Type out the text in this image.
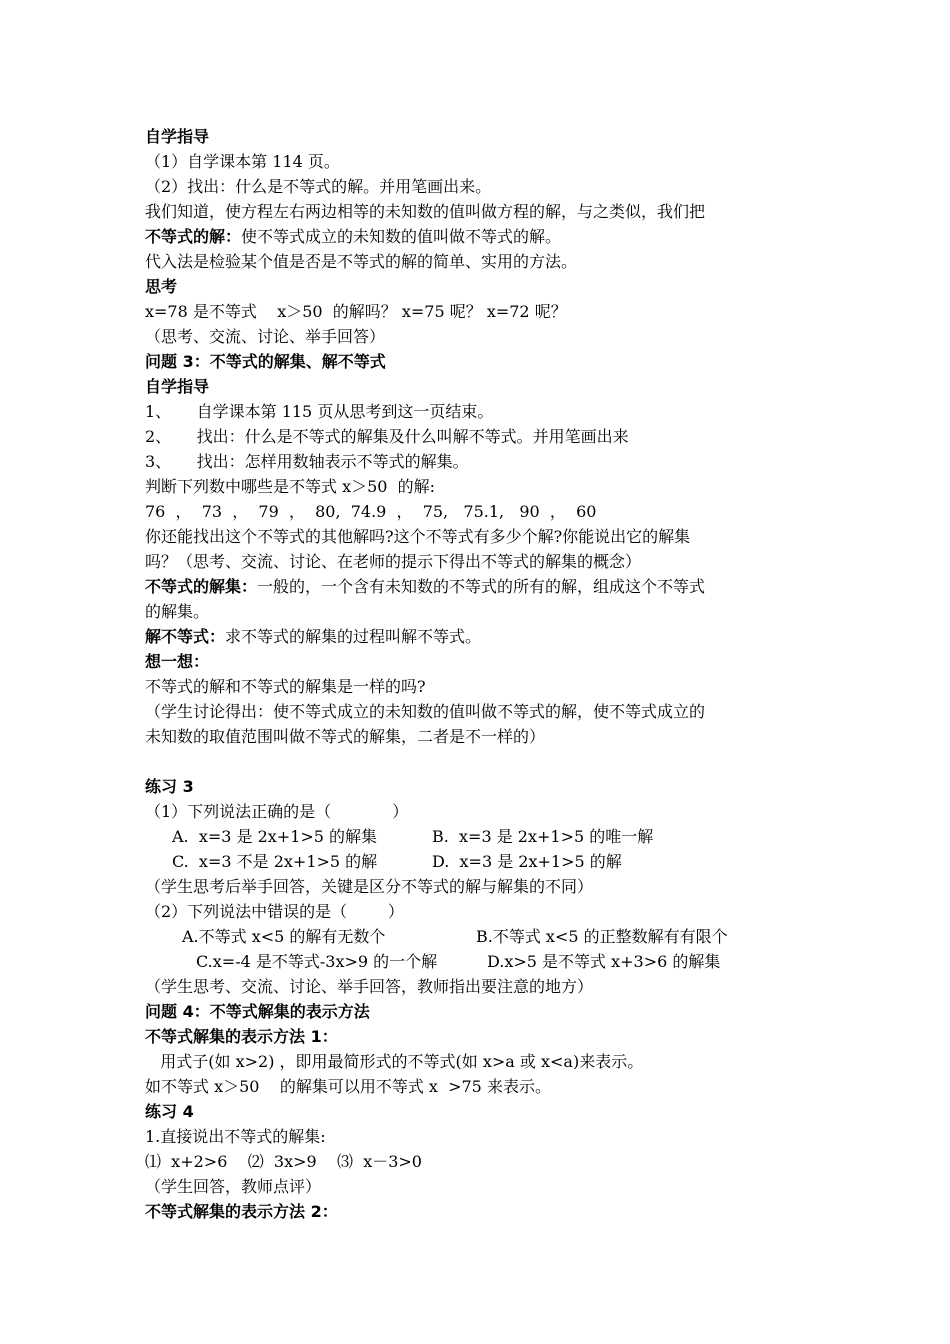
自学指导
（1）自学课本第 114 页。
（2）找出：什么是不等式的解。并用笔画出来。
我们知道，使方程左右两边相等的未知数的值叫做方程的解，与之类似，我们把
不等式的解：使不等式成立的未知数的值叫做不等式的解。
代入法是检验某个值是否是不等式的解的简单、实用的方法。
思考
x=78 是不等式    x＞50  的解吗？ x=75 呢？ x=72 呢？
（思考、交流、讨论、举手回答）
问题 3：不等式的解集、解不等式
自学指导
1、     自学课本第 115 页从思考到这一页结束。
2、     找出：什么是不等式的解集及什么叫解不等式。并用笔画出来
3、     找出：怎样用数轴表示不等式的解集。
判断下列数中哪些是不等式 x＞50  的解:
76  ，  73  ，  79  ，  80,  74.9  ，  75,   75.1,   90  ，  60
你还能找出这个不等式的其他解吗?这个不等式有多少个解?你能说出它的解集
吗？（思考、交流、讨论、在老师的提示下得出不等式的解集的概念）
不等式的解集：一般的，一个含有未知数的不等式的所有的解，组成这个不等式
的解集。
解不等式：求不等式的解集的过程叫解不等式。
想一想：
不等式的解和不等式的解集是一样的吗?
（学生讨论得出：使不等式成立的未知数的值叫做不等式的解，使不等式成立的
未知数的取值范围叫做不等式的解集，二者是不一样的）
练习 3
（1）下列说法正确的是（            ）
A.  x=3 是 2x+1>5 的解集	B.  x=3 是 2x+1>5 的唯一解
C.  x=3 不是 2x+1>5 的解	D.  x=3 是 2x+1>5 的解
（学生思考后举手回答，关键是区分不等式的解与解集的不同）
（2）下列说法中错误的是（        ）
A.不等式 x<5 的解有无数个	B.不等式 x<5 的正整数解有有限个
C.x=-4 是不等式-3x>9 的一个解	D.x>5 是不等式 x+3>6 的解集
（学生思考、交流、讨论、举手回答，教师指出要注意的地方）
问题 4：不等式解集的表示方法
不等式解集的表示方法 1：
用式子(如 x>2) ，即用最简形式的不等式(如 x>a 或 x<a)来表示。
如不等式 x＞50    的解集可以用不等式 x  >75 来表示。
练习 4
1.直接说出不等式的解集:
⑴  x+2>6    ⑵  3x>9    ⑶  x－3>0
（学生回答，教师点评）
不等式解集的表示方法 2：
